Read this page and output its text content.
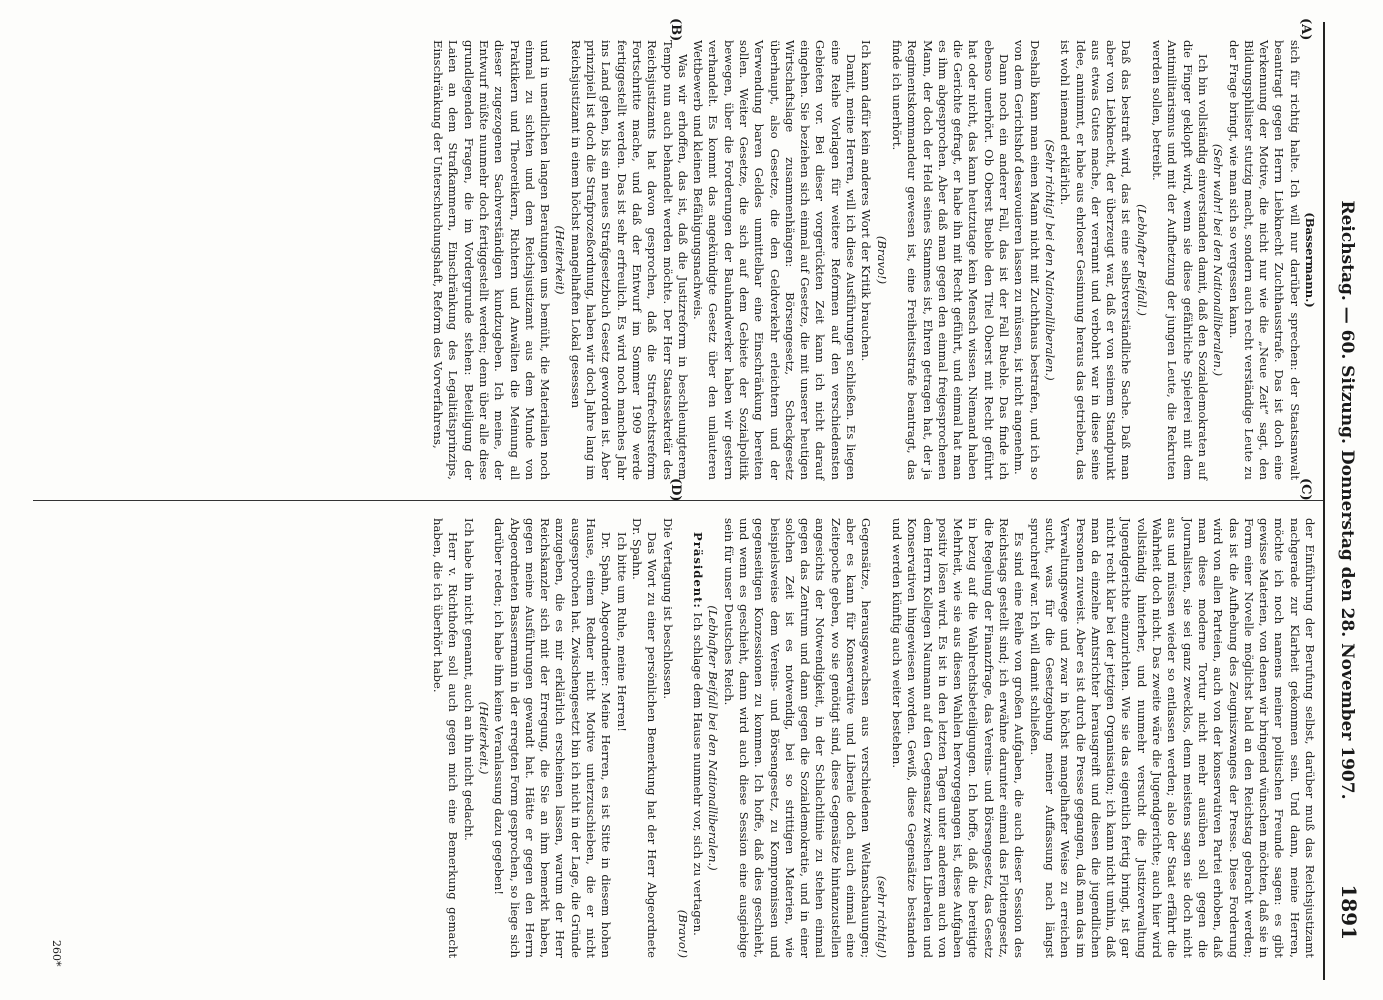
Reichstag. — 60. Sitzung. Donnerstag den 28. November 1907.
1891
(A)
(B)
(C)
(D)

(Bassermann.)

sich für richtig halte. Ich will nur darüber sprechen: der Staatsanwalt beantragt gegen Herrn Liebknecht Zuchthausstrafe. Das ist doch eine Verkennung der Motive, die nicht nur wie die „Neue Zeit“ sagt, den Bildungsphilister stutzig macht, sondern auch recht verständige Leute zu der Frage bringt, wie man sich so vergessen kann.

(Sehr wahr! bei den Nationalliberalen.)

Ich bin vollständig einverstanden damit, daß den Sozialdemokraten auf die Finger geklopft wird, wenn sie diese gefährliche Spielerei mit dem Antimilitarismus und mit der Aufhetzung der jungen Leute, die Rekruten werden sollen, betreibt.

(Lebhafter Beifall.)

Daß das bestraft wird, das ist eine selbstverständliche Sache. Daß man aber von Liebknecht, der überzeugt war, daß er von seinem Standpunkt aus etwas Gutes mache, der verrannt und verbohrt war in diese seine Idee, annimmt, er habe aus ehrloser Gesinnung heraus das getrieben, das ist wohl niemand erklärlich.

(Sehr richtig! bei den Nationalliberalen.)

Deshalb kann man einen Mann nicht mit Zuchthaus bestrafen, und ich so von dem Gerichtshof desavouieren lassen zu müssen, ist nicht angenehm.

Dann noch ein anderer Fall, das ist der Fall Bueble. Das finde ich ebenso unerhört. Ob Oberst Bueble den Titel Oberst mit Recht geführt hat oder nicht, das kann heutzutage kein Mensch wissen. Niemand haben die Gerichte gefragt, er habe ihn mit Recht geführt, und einmal hat man es ihm abgesprochen. Aber daß man gegen den einmal freigesprochenen Mann, der doch der Held seines Stammes ist, Ehren getragen hat, der ja Regimentskommandeur gewesen ist, eine Freiheitsstrafe beantragt, das finde ich unerhört.

(Bravo!)

Ich kann dafür kein anderes Wort der Kritik brauchen.

Damit, meine Herren, will ich diese Ausführungen schließen. Es liegen eine Reihe Vorlagen für weitere Reformen auf den verschiedensten Gebieten vor. Bei dieser vorgerückten Zeit kann ich nicht darauf eingehen. Sie beziehen sich einmal auf Gesetze, die mit unserer heutigen Wirtschaftslage zusammenhängen: Börsengesetz, Scheckgesetz überhaupt, also Gesetze, die den Geldverkehr erleichtern und der Verwendung baren Geldes unmittelbar eine Einschränkung bereiten sollen. Weiter Gesetze, die sich auf dem Gebiete der Sozialpolitik bewegen, über die Forderungen der Bauhandwerker haben wir gestern verhandelt. Es kommt das angekündigte Gesetz über den unlauteren Wettbewerb und kleinen Befähigungsnachweis.

Was wir erhoffen, das ist, daß die Justizreform in beschleunigterem Tempo nun auch behandelt werden möchte. Der Herr Staatssekretär des Reichsjustizamts hat davon gesprochen, daß die Strafrechtsreform Fortschritte mache, und daß der Entwurf im Sommer 1909 werde fertiggestellt werden. Das ist sehr erfreulich. Es wird noch manches Jahr ins Land gehen, bis ein neues Strafgesetzbuch Gesetz geworden ist. Aber prinzipiell ist doch die Strafprozeßordnung, haben wir doch Jahre lang im Reichsjustizamt in einem höchst mangelhaften Lokal gesessen

(Heiterkeit)

und in unendlichen langen Beratungen uns bemüht, die Materialien noch einmal zu sichten und dem Reichsjustizamt aus dem Munde von Praktikern und Theoretikern, Richtern und Anwälten die Meinung all dieser zugezogenen Sachverständigen kundzugeben. Ich meine, der Entwurf müßte nunmehr doch fertiggestellt werden; denn über alle diese grundlegenden Fragen, die im Vordergrunde stehen: Beteiligung der Laien an dem Strafkammern, Einschränkung des Legalitätsprinzips, Einschränkung der Unterschuchungshaft, Reform des Vorverfahrens,

der Einführung der Berufung selbst, darüber muß das Reichsjustizamt nachgerade zur Klarheit gekommen sein. Und dann, meine Herren, möchte ich noch namens meiner politischen Freunde sagen: es gibt gewisse Materien, von denen wir bringend wünschen möchten, daß sie in Form einer Novelle möglichst bald an den Reichstag gebracht werden; das ist die Aufhebung des Zeugniszwanges der Presse. Diese Forderung wird von allen Parteien, auch von der konservativen Partei erhoben, daß man diese moderne Tortur nicht mehr ausüben soll gegen die Journalisten, sie sei ganz zwecklos, denn meistens sagen sie doch nicht aus und müssen wieder so entlassen werden; also der Staat erfährt die Wahrheit doch nicht. Das zweite wäre die Jugendgerichte; auch hier wird vollständig hinterher, und nunmehr versucht die Justizverwaltung Jugendgerichte einzurichten. Wie sie das eigentlich fertig bringt, ist gar nicht recht klar bei der jetzigen Organisation; ich kann nicht umhin, daß man da einzelne Amtsrichter herausgreift und diesen die jugendlichen Personen zuweist. Aber es ist durch die Presse gegangen, daß man das im Verwaltungswege und zwar in höchst mangelhafter Weise zu erreichen sucht, was für die Gesetzgebung meiner Auffassung nach längst spruchreif war. Ich will damit schließen.

Es sind eine Reihe von großen Aufgaben, die auch dieser Session des Reichstags gestellt sind; ich erwähne darunter einmal das Flottengesetz, die Regelung der Finanzfrage, das Vereins- und Börsengesetz, das Gesetz in bezug auf die Wahlrechtsbeteiligungen. Ich hoffe, daß die bereitigte Mehrheit, wie sie aus diesen Wahlen hervorgegangen ist, diese Aufgaben positiv lösen wird. Es ist in den letzten Tagen unter anderem auch von dem Herrn Kollegen Naumann auf den Gegensatz zwischen Liberalen und Konservativen hingewiesen worden. Gewiß, diese Gegensätze bestanden und werden künftig auch weiter bestehen.

(sehr richtig!)

Gegensätze, herausgewachsen aus verschiedenen Weltanschauungen; aber es kann für Konservative und Liberale doch auch einmal eine Zeitepoche geben, wo sie genötigt sind, diese Gegensätze hintanzustellen angesichts der Notwendigkeit, in der Schlachtlinie zu stehen einmal gegen das Zentrum und dann gegen die Sozialdemokratie, und in einer solchen Zeit ist es notwendig, bei so strittigen Materien, wie beispielsweise dem Vereins- und Börsengesetz, zu Kompromissen und gegenseitigen Konzessionen zu kommen. Ich hoffe, daß dies geschieht, und wenn es geschieht, dann wird auch diese Session eine ausgiebige sein für unser Deutsches Reich.

(Lebhafter Beifall bei den Nationalliberalen.)

Präsident: Ich schlage dem Hause nunmehr vor, sich zu vertagen.

(Bravo!)

Die Vertagung ist beschlossen.

Das Wort zu einer persönlichen Bemerkung hat der Herr Abgeordnete Dr. Spahn.

Ich bitte um Ruhe, meine Herren!

Dr. Spahn, Abgeordneter: Meine Herren, es ist Sitte in diesem hohen Hause, einem Redner nicht Motive unterzuschieben, die er nicht ausgesprochen hat. Zwischengesetzt bin ich nicht in der Lage, die Gründe anzugeben, die es mir erklärlich erscheinen lassen, warum der Herr Reichskanzler sich mit der Erregung, die Sie an ihm bemerkt haben, gegen meine Ausführungen gewandt hat. Hätte er gegen den Herrn Abgeordneten Bassermann in der erregten Form gesprochen, so liege sich darüber reden; ich habe ihm keine Veranlassung dazu gegeben!

(Heiterkeit.)

Ich habe ihn nicht genannt, auch an ihn nicht gedacht.

Herr v. Richthofen soll auch gegen mich eine Bemerkung gemacht haben, die ich überhört habe.

260*
